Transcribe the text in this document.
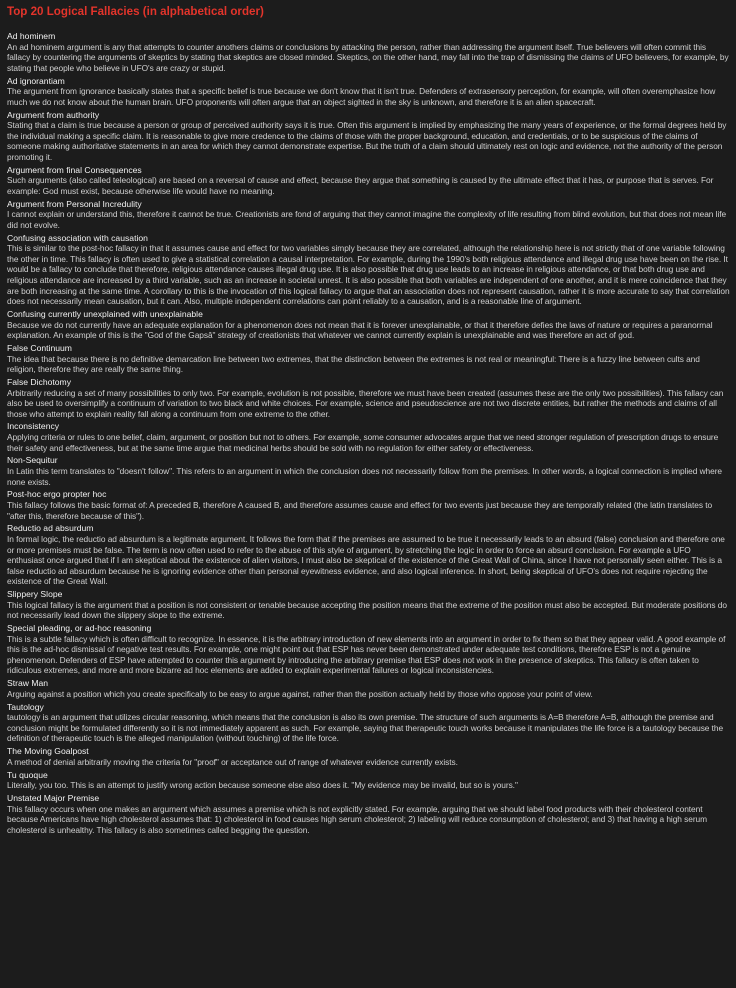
Top 20 Logical Fallacies (in alphabetical order)
Ad hominem
An ad hominem argument is any that attempts to counter anothers claims or conclusions by attacking the person, rather than addressing the argument itself. True believers will often commit this fallacy by countering the arguments of skeptics by stating that skeptics are closed minded. Skeptics, on the other hand, may fall into the trap of dismissing the claims of UFO believers, for example, by stating that people who believe in UFO's are crazy or stupid.
Ad ignorantiam
The argument from ignorance basically states that a specific belief is true because we don't know that it isn't true. Defenders of extrasensory perception, for example, will often overemphasize how much we do not know about the human brain. UFO proponents will often argue that an object sighted in the sky is unknown, and therefore it is an alien spacecraft.
Argument from authority
Stating that a claim is true because a person or group of perceived authority says it is true. Often this argument is implied by emphasizing the many years of experience, or the formal degrees held by the individual making a specific claim. It is reasonable to give more credence to the claims of those with the proper background, education, and credentials, or to be suspicious of the claims of someone making authoritative statements in an area for which they cannot demonstrate expertise. But the truth of a claim should ultimately rest on logic and evidence, not the authority of the person promoting it.
Argument from final Consequences
Such arguments (also called teleological) are based on a reversal of cause and effect, because they argue that something is caused by the ultimate effect that it has, or purpose that is serves. For example: God must exist, because otherwise life would have no meaning.
Argument from Personal Incredulity
I cannot explain or understand this, therefore it cannot be true. Creationists are fond of arguing that they cannot imagine the complexity of life resulting from blind evolution, but that does not mean life did not evolve.
Confusing association with causation
This is similar to the post-hoc fallacy in that it assumes cause and effect for two variables simply because they are correlated, although the relationship here is not strictly that of one variable following the other in time. This fallacy is often used to give a statistical correlation a causal interpretation. For example, during the 1990's both religious attendance and illegal drug use have been on the rise. It would be a fallacy to conclude that therefore, religious attendance causes illegal drug use. It is also possible that drug use leads to an increase in religious attendance, or that both drug use and religious attendance are increased by a third variable, such as an increase in societal unrest. It is also possible that both variables are independent of one another, and it is mere coincidence that they are both increasing at the same time. A corollary to this is the invocation of this logical fallacy to argue that an association does not represent causation, rather it is more accurate to say that correlation does not necessarily mean causation, but it can. Also, multiple independent correlations can point reliably to a causation, and is a reasonable line of argument.
Confusing currently unexplained with unexplainable
Because we do not currently have an adequate explanation for a phenomenon does not mean that it is forever unexplainable, or that it therefore defies the laws of nature or requires a paranormal explanation. An example of this is the "God of the Gapsâ" strategy of creationists that whatever we cannot currently explain is unexplainable and was therefore an act of god.
False Continuum
The idea that because there is no definitive demarcation line between two extremes, that the distinction between the extremes is not real or meaningful: There is a fuzzy line between cults and religion, therefore they are really the same thing.
False Dichotomy
Arbitrarily reducing a set of many possibilities to only two. For example, evolution is not possible, therefore we must have been created (assumes these are the only two possibilities). This fallacy can also be used to oversimplify a continuum of variation to two black and white choices. For example, science and pseudoscience are not two discrete entities, but rather the methods and claims of all those who attempt to explain reality fall along a continuum from one extreme to the other.
Inconsistency
Applying criteria or rules to one belief, claim, argument, or position but not to others. For example, some consumer advocates argue that we need stronger regulation of prescription drugs to ensure their safety and effectiveness, but at the same time argue that medicinal herbs should be sold with no regulation for either safety or effectiveness.
Non-Sequitur
In Latin this term translates to "doesn't follow". This refers to an argument in which the conclusion does not necessarily follow from the premises. In other words, a logical connection is implied where none exists.
Post-hoc ergo propter hoc
This fallacy follows the basic format of: A preceded B, therefore A caused B, and therefore assumes cause and effect for two events just because they are temporally related (the latin translates to "after this, therefore because of this").
Reductio ad absurdum
In formal logic, the reductio ad absurdum is a legitimate argument. It follows the form that if the premises are assumed to be true it necessarily leads to an absurd (false) conclusion and therefore one or more premises must be false. The term is now often used to refer to the abuse of this style of argument, by stretching the logic in order to force an absurd conclusion. For example a UFO enthusiast once argued that if I am skeptical about the existence of alien visitors, I must also be skeptical of the existence of the Great Wall of China, since I have not personally seen either. This is a false reductio ad absurdum because he is ignoring evidence other than personal eyewitness evidence, and also logical inference. In short, being skeptical of UFO's does not require rejecting the existence of the Great Wall.
Slippery Slope
This logical fallacy is the argument that a position is not consistent or tenable because accepting the position means that the extreme of the position must also be accepted. But moderate positions do not necessarily lead down the slippery slope to the extreme.
Special pleading, or ad-hoc reasoning
This is a subtle fallacy which is often difficult to recognize. In essence, it is the arbitrary introduction of new elements into an argument in order to fix them so that they appear valid. A good example of this is the ad-hoc dismissal of negative test results. For example, one might point out that ESP has never been demonstrated under adequate test conditions, therefore ESP is not a genuine phenomenon. Defenders of ESP have attempted to counter this argument by introducing the arbitrary premise that ESP does not work in the presence of skeptics. This fallacy is often taken to ridiculous extremes, and more and more bizarre ad hoc elements are added to explain experimental failures or logical inconsistencies.
Straw Man
Arguing against a position which you create specifically to be easy to argue against, rather than the position actually held by those who oppose your point of view.
Tautology
tautology is an argument that utilizes circular reasoning, which means that the conclusion is also its own premise. The structure of such arguments is A=B therefore A=B, although the premise and conclusion might be formulated differently so it is not immediately apparent as such. For example, saying that therapeutic touch works because it manipulates the life force is a tautology because the definition of therapeutic touch is the alleged manipulation (without touching) of the life force.
The Moving Goalpost
A method of denial arbitrarily moving the criteria for "proof" or acceptance out of range of whatever evidence currently exists.
Tu quoque
Literally, you too. This is an attempt to justify wrong action because someone else also does it. "My evidence may be invalid, but so is yours."
Unstated Major Premise
This fallacy occurs when one makes an argument which assumes a premise which is not explicitly stated. For example, arguing that we should label food products with their cholesterol content because Americans have high cholesterol assumes that: 1) cholesterol in food causes high serum cholesterol; 2) labeling will reduce consumption of cholesterol; and 3) that having a high serum cholesterol is unhealthy. This fallacy is also sometimes called begging the question.
